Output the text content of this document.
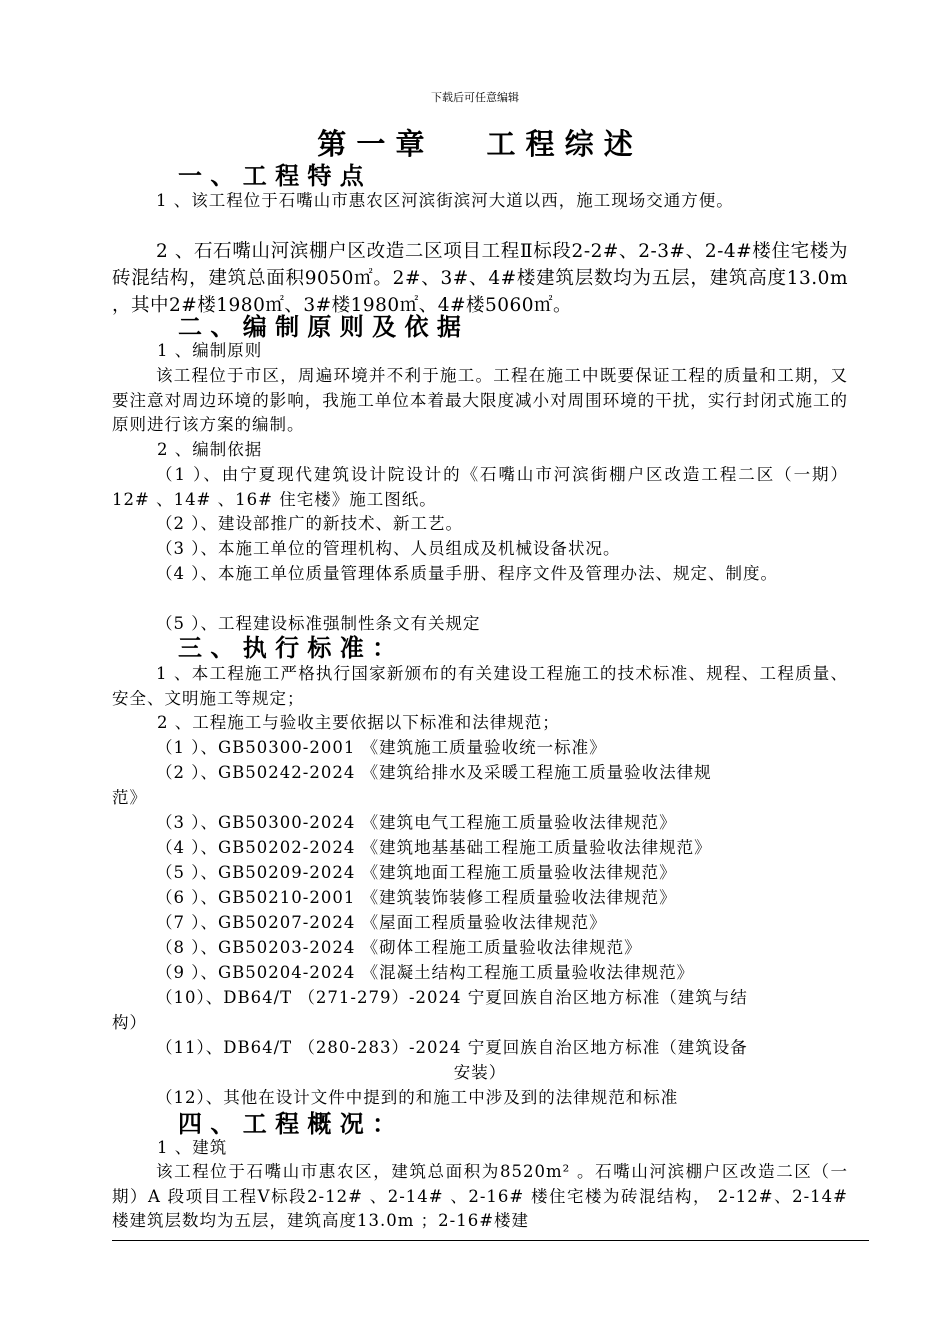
下载后可任意编辑
第 一 章 工 程 综 述
一 、 工 程 特 点
1 、该工程位于石嘴山市惠农区河滨街滨河大道以西，施工现场交通方便。
2 、石石嘴山河滨棚户区改造二区项目工程Ⅱ标段2-2#、2-3#、2-4#楼住宅楼为砖混结构，建筑总面积9050㎡。2#、3#、4#楼建筑层数均为五层，建筑高度13.0m ，其中2#楼1980㎡、3#楼1980㎡、4#楼5060㎡。
二 、 编 制 原 则 及 依 据
1 、编制原则
该工程位于市区，周遍环境并不利于施工。工程在施工中既要保证工程的质量和工期，又要注意对周边环境的影响，我施工单位本着最大限度减小对周围环境的干扰，实行封闭式施工的原则进行该方案的编制。
2 、编制依据
（1 ）、由宁夏现代建筑设计院设计的《石嘴山市河滨街棚户区改造工程二区（一期）12# 、14# 、16# 住宅楼》施工图纸。
（2 ）、建设部推广的新技术、新工艺。
（3 ）、本施工单位的管理机构、人员组成及机械设备状况。
（4 ）、本施工单位质量管理体系质量手册、程序文件及管理办法、规定、制度。
（5 ）、工程建设标准强制性条文有关规定
三 、 执 行 标 准 ：
1 、本工程施工严格执行国家新颁布的有关建设工程施工的技术标准、规程、工程质量、安全、文明施工等规定；
2 、工程施工与验收主要依据以下标准和法律规范；
（1 ）、GB50300-2001 《建筑施工质量验收统一标准》
（2 ）、GB50242-2024 《建筑给排水及采暖工程施工质量验收法律规
范》
（3 ）、GB50300-2024 《建筑电气工程施工质量验收法律规范》
（4 ）、GB50202-2024 《建筑地基基础工程施工质量验收法律规范》
（5 ）、GB50209-2024 《建筑地面工程施工质量验收法律规范》
（6 ）、GB50210-2001 《建筑装饰装修工程质量验收法律规范》
（7 ）、GB50207-2024 《屋面工程质量验收法律规范》
（8 ）、GB50203-2024 《砌体工程施工质量验收法律规范》
（9 ）、GB50204-2024 《混凝土结构工程施工质量验收法律规范》
（10）、DB64/T （271-279）-2024 宁夏回族自治区地方标准（建筑与结
构）
（11）、DB64/T （280-283）-2024 宁夏回族自治区地方标准（建筑设备
安装）
（12）、其他在设计文件中提到的和施工中涉及到的法律规范和标准
四 、 工 程 概 况 ：
1 、建筑
该工程位于石嘴山市惠农区，建筑总面积为8520m² 。石嘴山河滨棚户区改造二区（一期）A 段项目工程Ⅴ标段2-12# 、2-14# 、2-16# 楼住宅楼为砖混结构， 2-12#、2-14#楼建筑层数均为五层，建筑高度13.0m ；2-16#楼建
